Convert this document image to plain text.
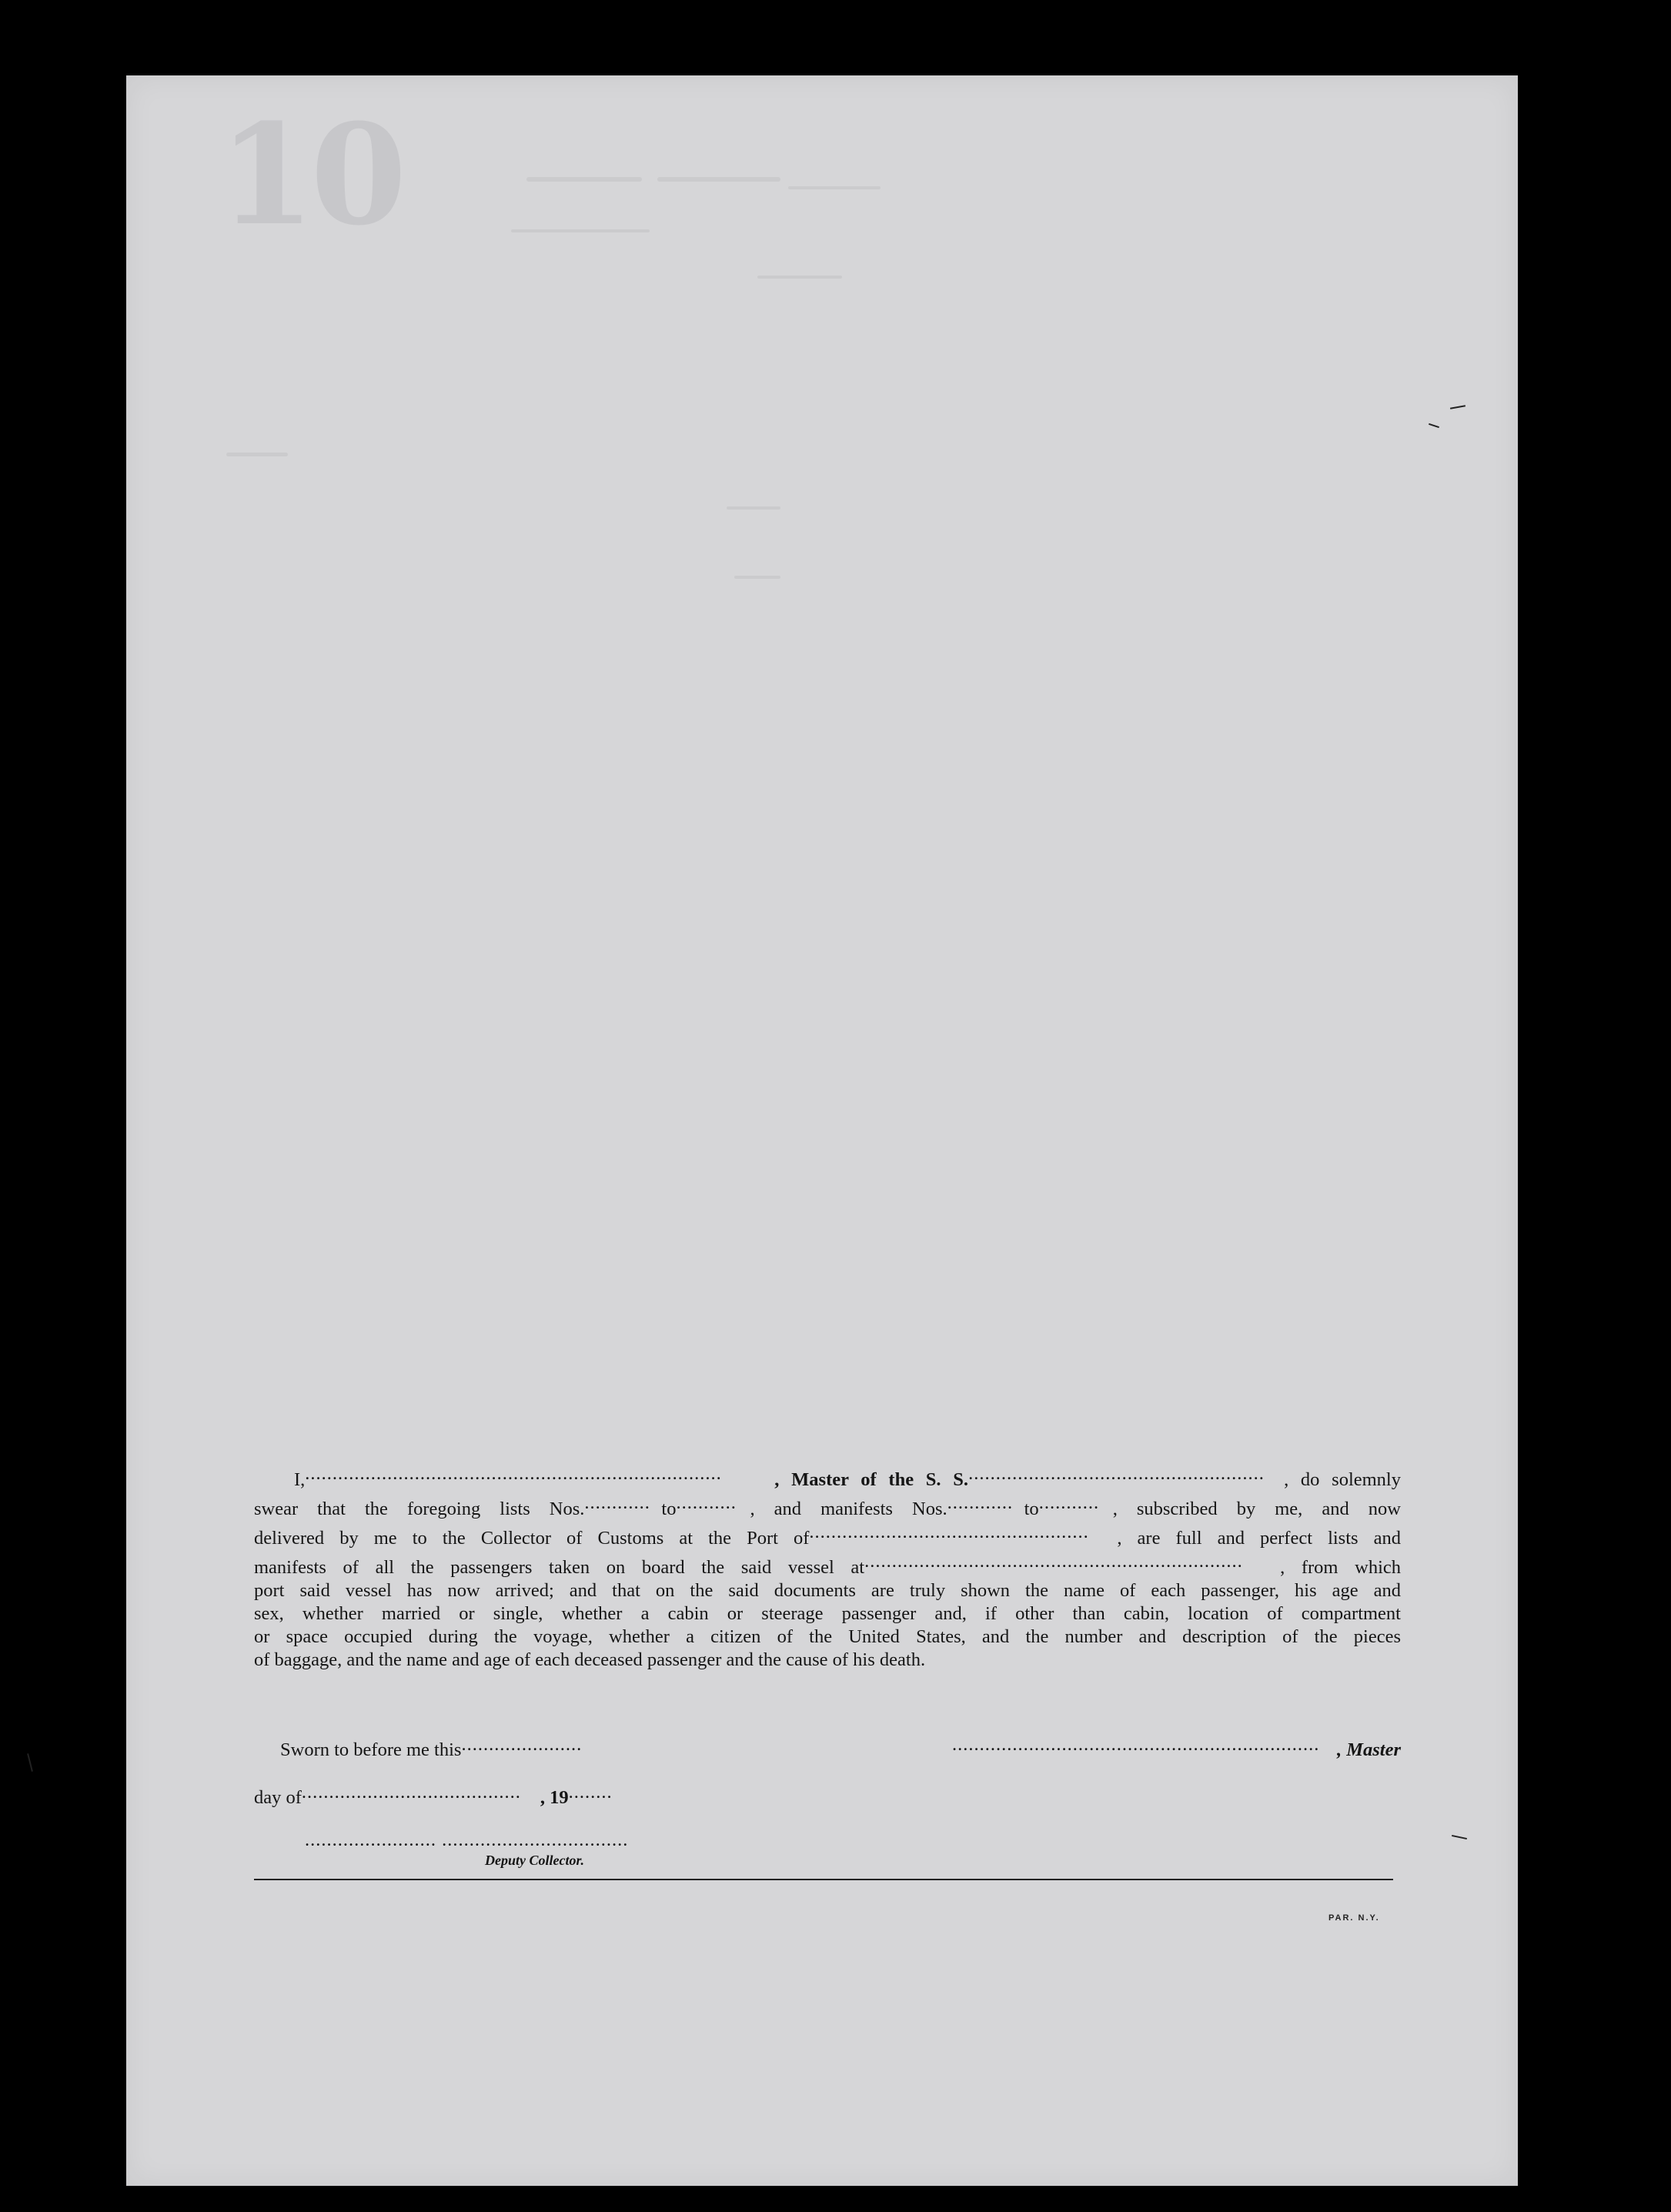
10
I,............................................................................	, Master of the S. S....................................................... , do solemnly
swear that the foregoing lists Nos............. to........... , and manifests Nos............. to........... , subscribed by me, and now
delivered by me to the Collector of Customs at the Port of................................................... , are full and perfect lists and
manifests of all the passengers taken on board the said vessel at..................................................................... , from which
port said vessel has now arrived; and that on the said documents are truly shown the name of each passenger, his age and
sex, whether married or single, whether a cabin or steerage passenger and, if other than cabin, location of compartment
or space occupied during the voyage, whether a citizen of the United States, and the number and description of the pieces
of baggage, and the name and age of each deceased passenger and the cause of his death.
Sworn to before me this......................	................................................................... , Master
day of........................................ , 19........
........................ ..................................
Deputy Collector.
PAR. N.Y.
